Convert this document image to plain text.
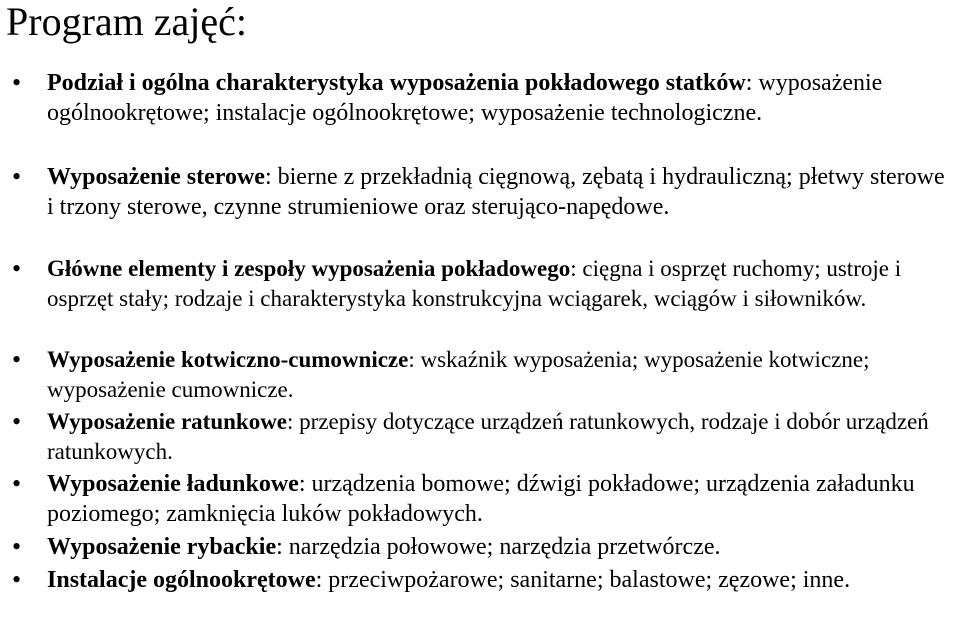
Program zajęć:
• Podział i ogólna charakterystyka wyposażenia pokładowego statków: wyposażenie ogólnookrętowe; instalacje ogólnookrętowe; wyposażenie technologiczne.
• Wyposażenie sterowe: bierne z przekładnią cięgnową, zębatą i hydrauliczną; płetwy sterowe i trzony sterowe, czynne strumieniowe oraz sterująco-napędowe.
• Główne elementy i zespoły wyposażenia pokładowego: cięgna i osprzęt ruchomy; ustroje i osprzęt stały; rodzaje i charakterystyka konstrukcyjna wciągarek, wciągów i siłowników.
• Wyposażenie kotwiczno-cumownicze: wskaźnik wyposażenia; wyposażenie kotwiczne; wyposażenie cumownicze.
• Wyposażenie ratunkowe: przepisy dotyczące urządzeń ratunkowych, rodzaje i dobór urządzeń ratunkowych.
• Wyposażenie ładunkowe: urządzenia bomowe; dźwigi pokładowe; urządzenia załadunku poziomego; zamknięcia luków pokładowych.
• Wyposażenie rybackie: narzędzia połowowe; narzędzia przetwórcze.
• Instalacje ogólnookrętowe: przeciwpożarowe; sanitarne; balastowe; zęzowe; inne.
